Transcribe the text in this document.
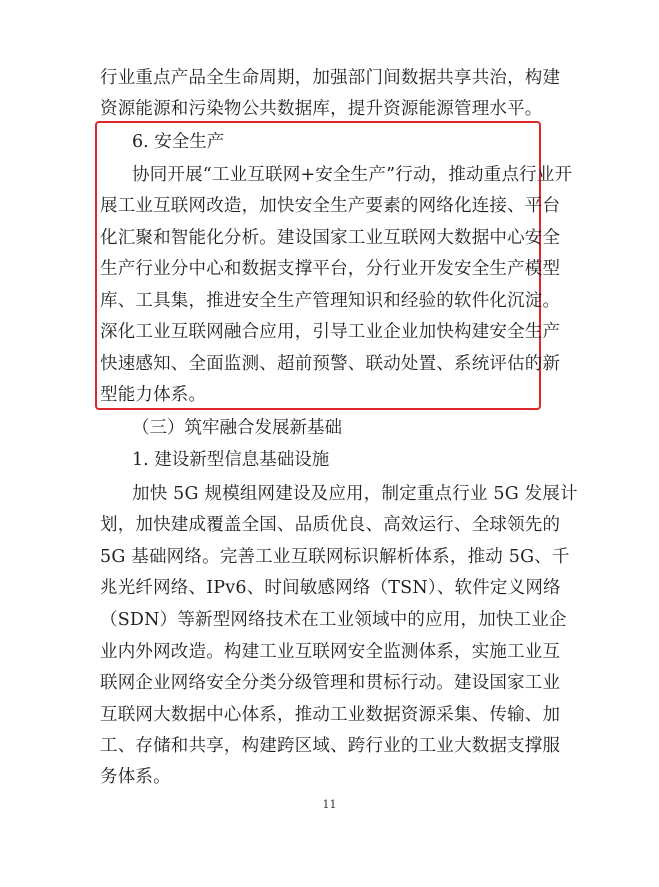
行业重点产品全生命周期，加强部门间数据共享共治，构建
资源能源和污染物公共数据库，提升资源能源管理水平。
6. 安全生产
协同开展“工业互联网+安全生产”行动，推动重点行业开
展工业互联网改造，加快安全生产要素的网络化连接、平台
化汇聚和智能化分析。建设国家工业互联网大数据中心安全
生产行业分中心和数据支撑平台，分行业开发安全生产模型
库、工具集，推进安全生产管理知识和经验的软件化沉淀。
深化工业互联网融合应用，引导工业企业加快构建安全生产
快速感知、全面监测、超前预警、联动处置、系统评估的新
型能力体系。
（三）筑牢融合发展新基础
1. 建设新型信息基础设施
加快 5G 规模组网建设及应用，制定重点行业 5G 发展计
划，加快建成覆盖全国、品质优良、高效运行、全球领先的
5G 基础网络。完善工业互联网标识解析体系，推动 5G、千
兆光纤网络、IPv6、时间敏感网络（TSN）、软件定义网络
（SDN）等新型网络技术在工业领域中的应用，加快工业企
业内外网改造。构建工业互联网安全监测体系，实施工业互
联网企业网络安全分类分级管理和贯标行动。建设国家工业
互联网大数据中心体系，推动工业数据资源采集、传输、加
工、存储和共享，构建跨区域、跨行业的工业大数据支撑服
务体系。
11
